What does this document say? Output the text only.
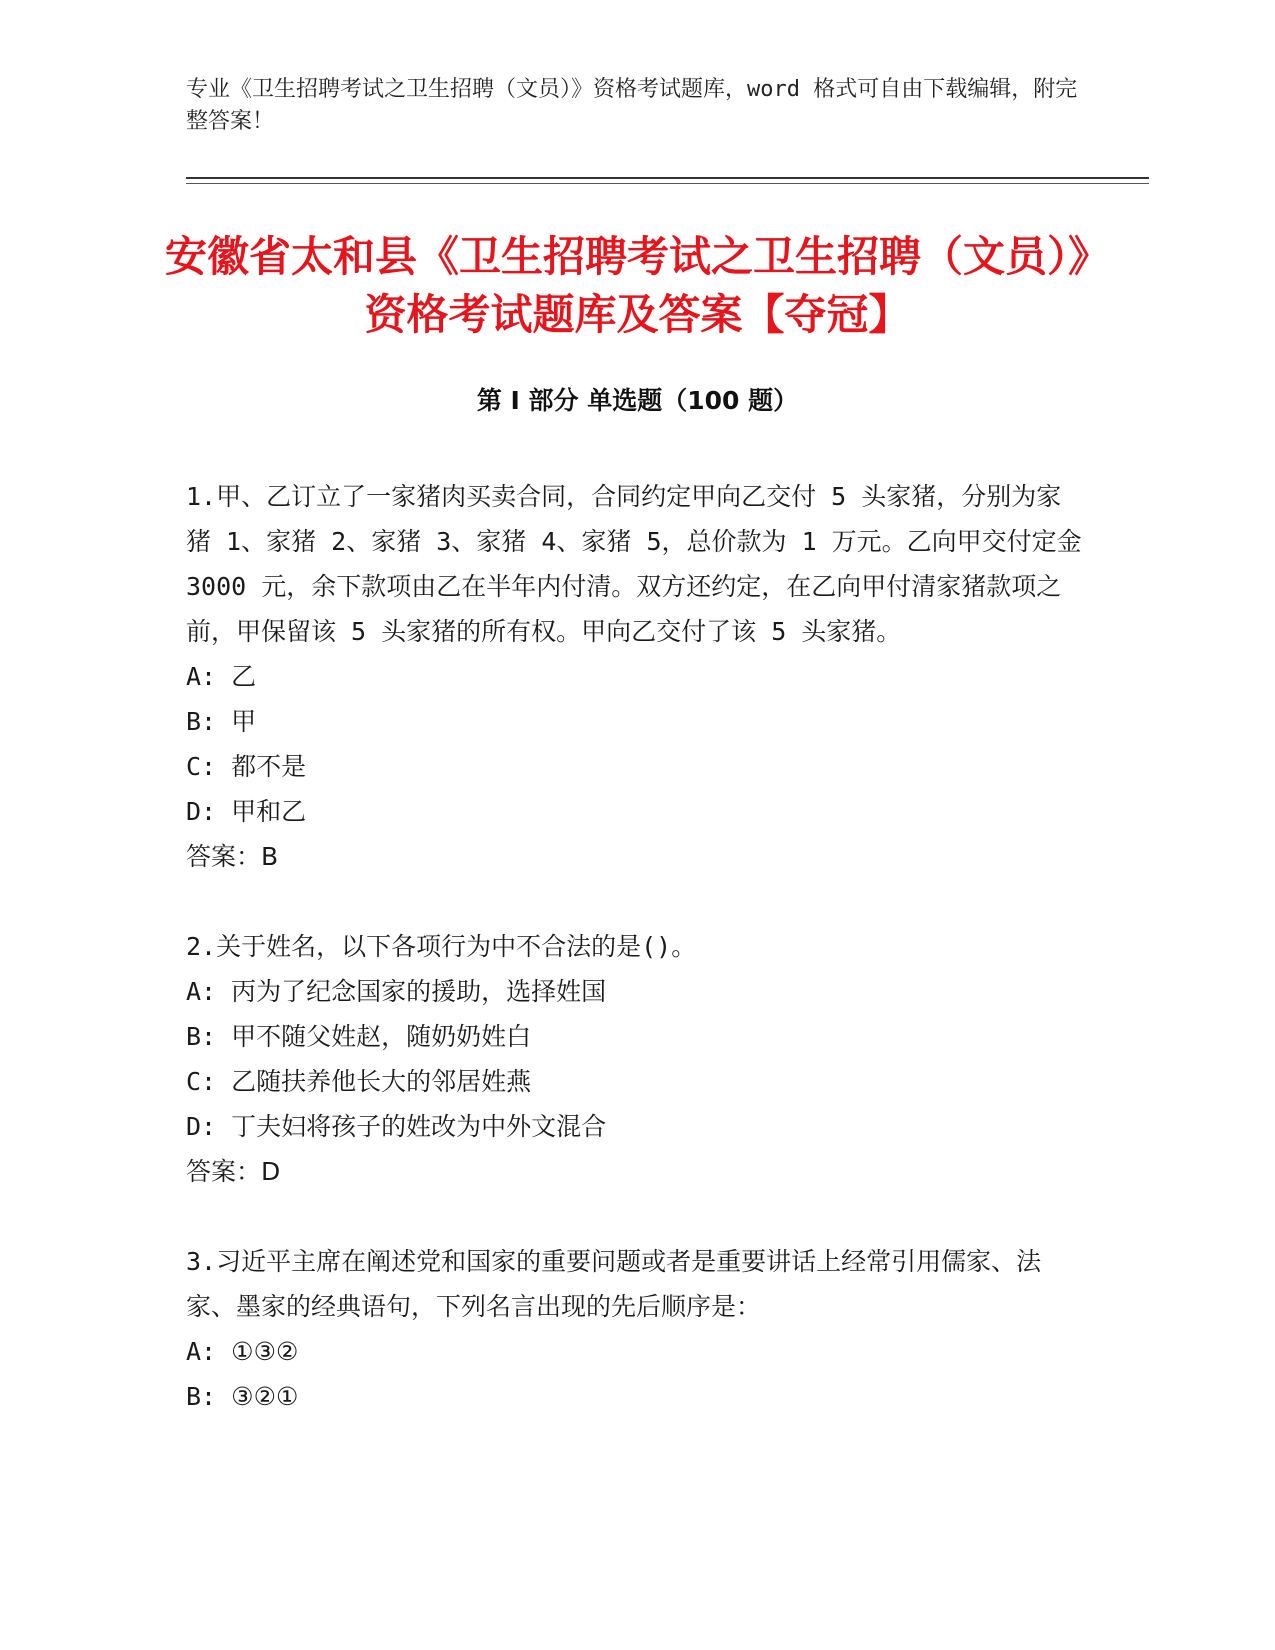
专业《卫生招聘考试之卫生招聘（文员）》资格考试题库，word 格式可自由下载编辑，附完整答案！
安徽省太和县《卫生招聘考试之卫生招聘（文员）》资格考试题库及答案【夺冠】
第 I 部分 单选题（100 题）
1.甲、乙订立了一家猪肉买卖合同，合同约定甲向乙交付 5 头家猪，分别为家猪 1、家猪 2、家猪 3、家猪 4、家猪 5，总价款为 1 万元。乙向甲交付定金 3000 元，余下款项由乙在半年内付清。双方还约定，在乙向甲付清家猪款项之前，甲保留该 5 头家猪的所有权。甲向乙交付了该 5 头家猪。
A: 乙
B: 甲
C: 都不是
D: 甲和乙
答案：B
2.关于姓名，以下各项行为中不合法的是()。
A: 丙为了纪念国家的援助，选择姓国
B: 甲不随父姓赵，随奶奶姓白
C: 乙随扶养他长大的邻居姓燕
D: 丁夫妇将孩子的姓改为中外文混合
答案：D
3.习近平主席在阐述党和国家的重要问题或者是重要讲话上经常引用儒家、法家、墨家的经典语句，下列名言出现的先后顺序是：
A: ①③②
B: ③②①
